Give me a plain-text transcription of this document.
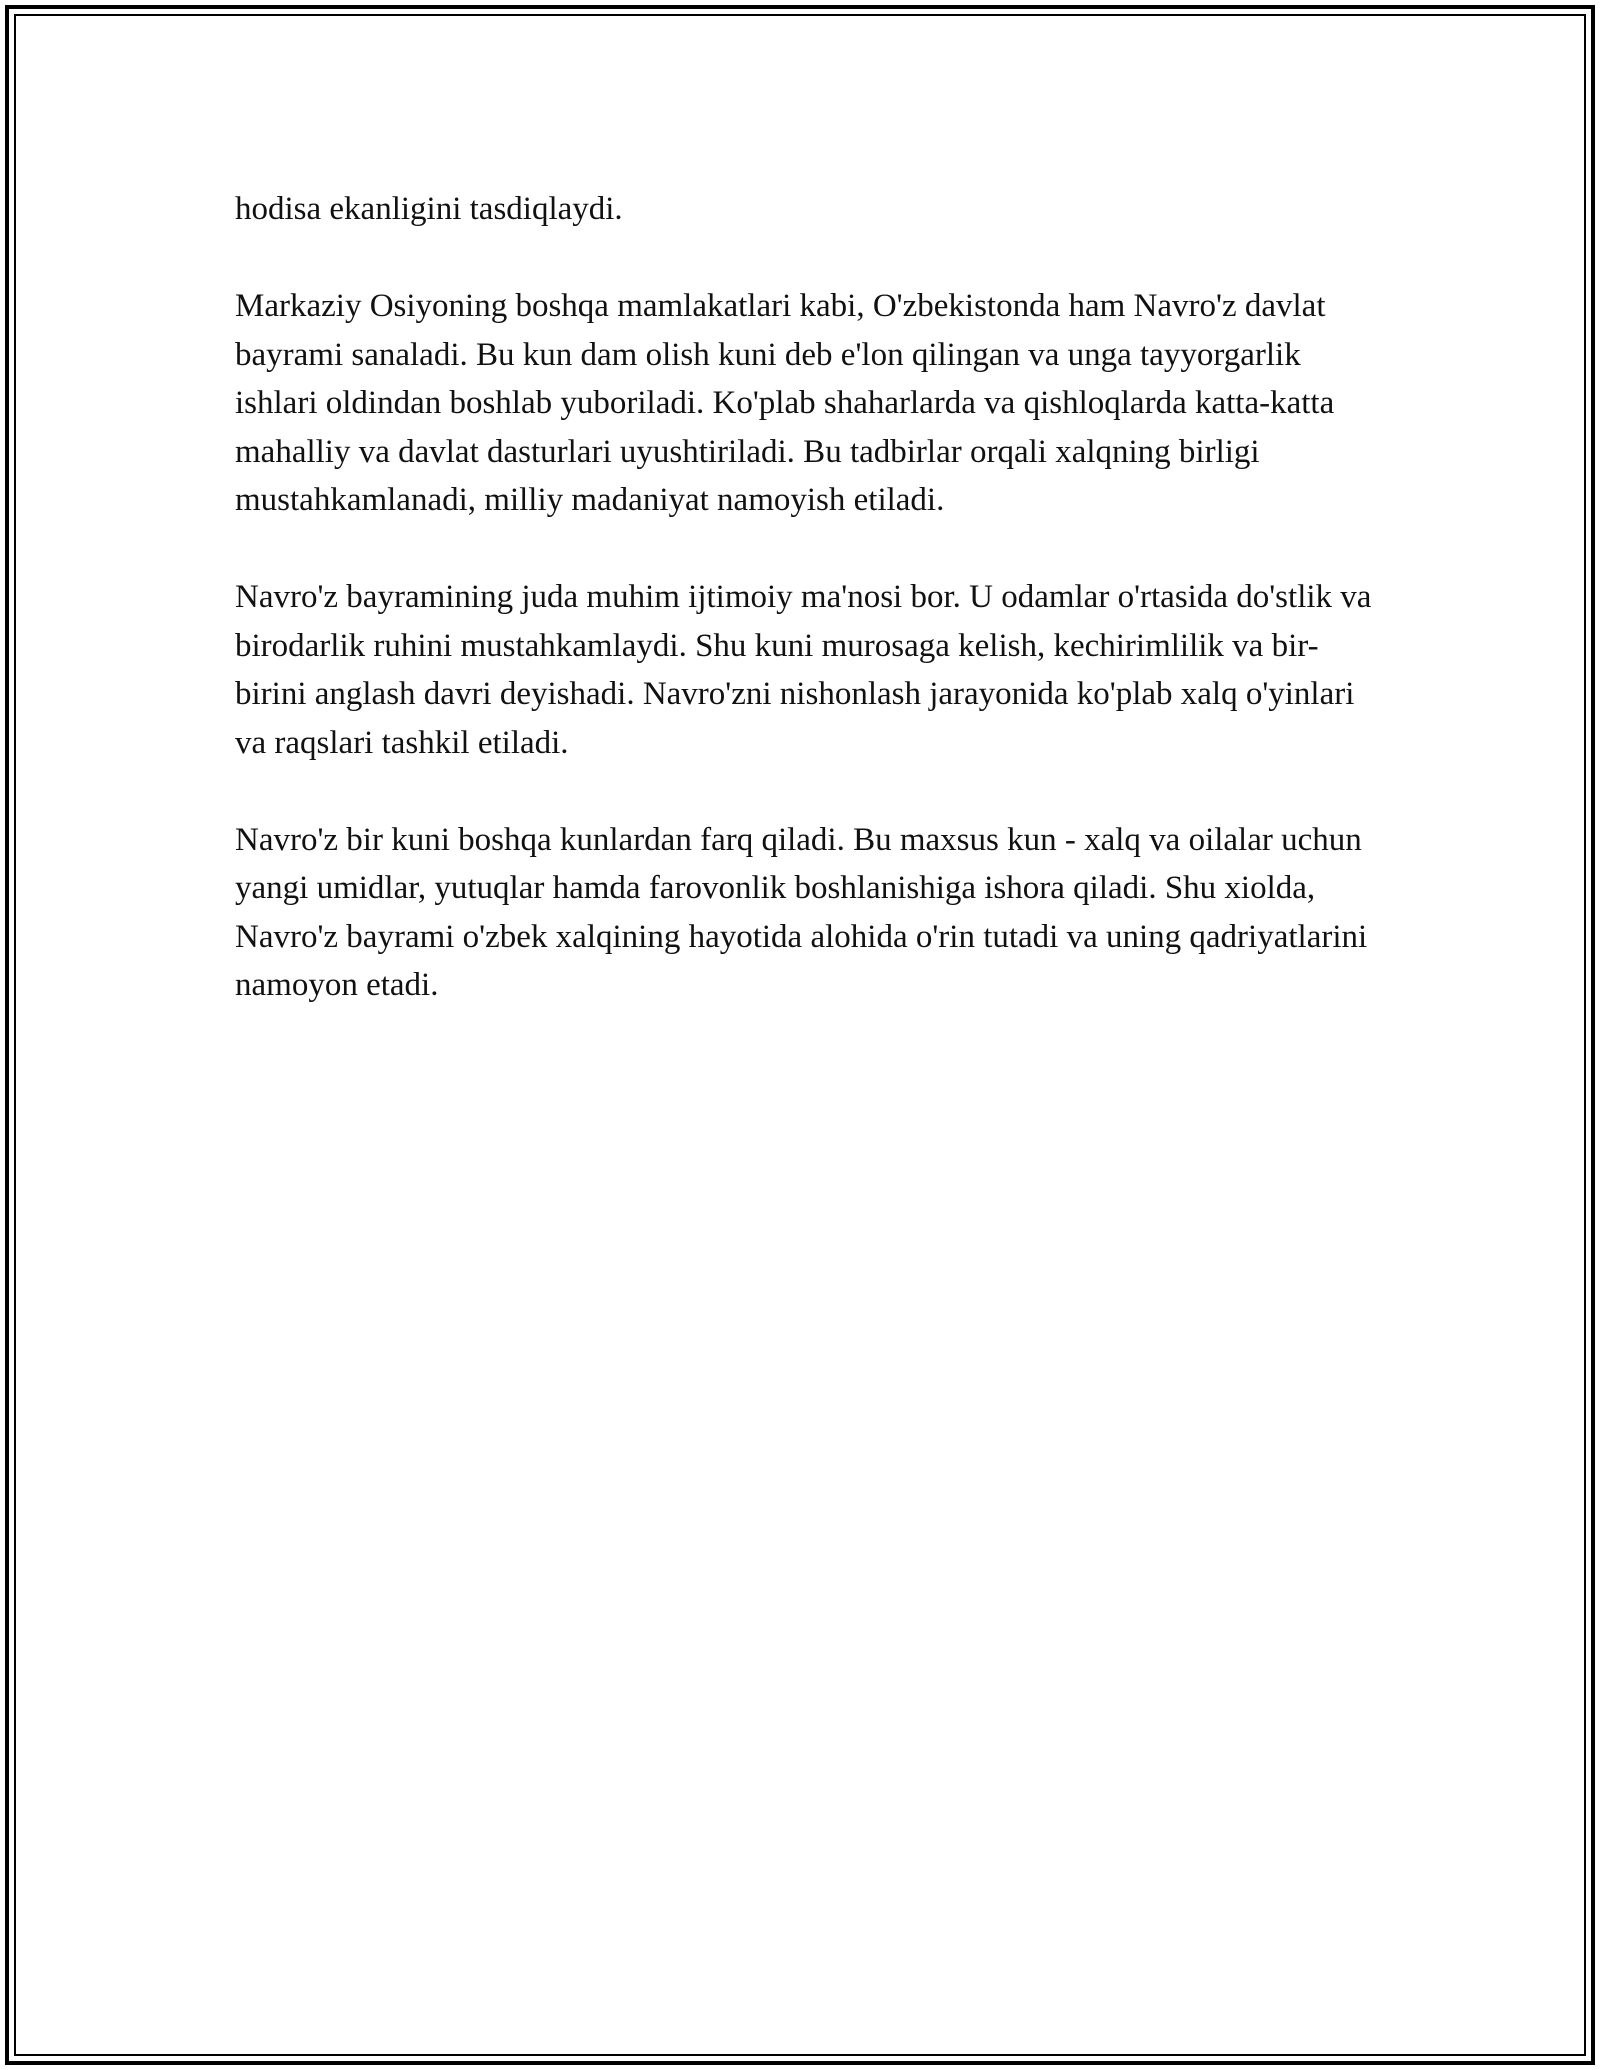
hodisa ekanligini tasdiqlaydi.

Markaziy Osiyoning boshqa mamlakatlari kabi, O'zbekistonda ham Navro'z davlat bayrami sanaladi. Bu kun dam olish kuni deb e'lon qilingan va unga tayyorgarlik ishlari oldindan boshlab yuboriladi. Ko'plab shaharlarda va qishloqlarda katta-katta mahalliy va davlat dasturlari uyushtiriladi. Bu tadbirlar orqali xalqning birligi mustahkamlanadi, milliy madaniyat namoyish etiladi.

Navro'z bayramining juda muhim ijtimoiy ma'nosi bor. U odamlar o'rtasida do'stlik va birodarlik ruhini mustahkamlaydi. Shu kuni murosaga kelish, kechirimlilik va bir-birini anglash davri deyishadi. Navro'zni nishonlash jarayonida ko'plab xalq o'yinlari va raqslari tashkil etiladi.

Navro'z bir kuni boshqa kunlardan farq qiladi. Bu maxsus kun - xalq va oilalar uchun yangi umidlar, yutuqlar hamda farovonlik boshlanishiga ishora qiladi. Shu xiolda, Navro'z bayrami o'zbek xalqining hayotida alohida o'rin tutadi va uning qadriyatlarini namoyon etadi.
